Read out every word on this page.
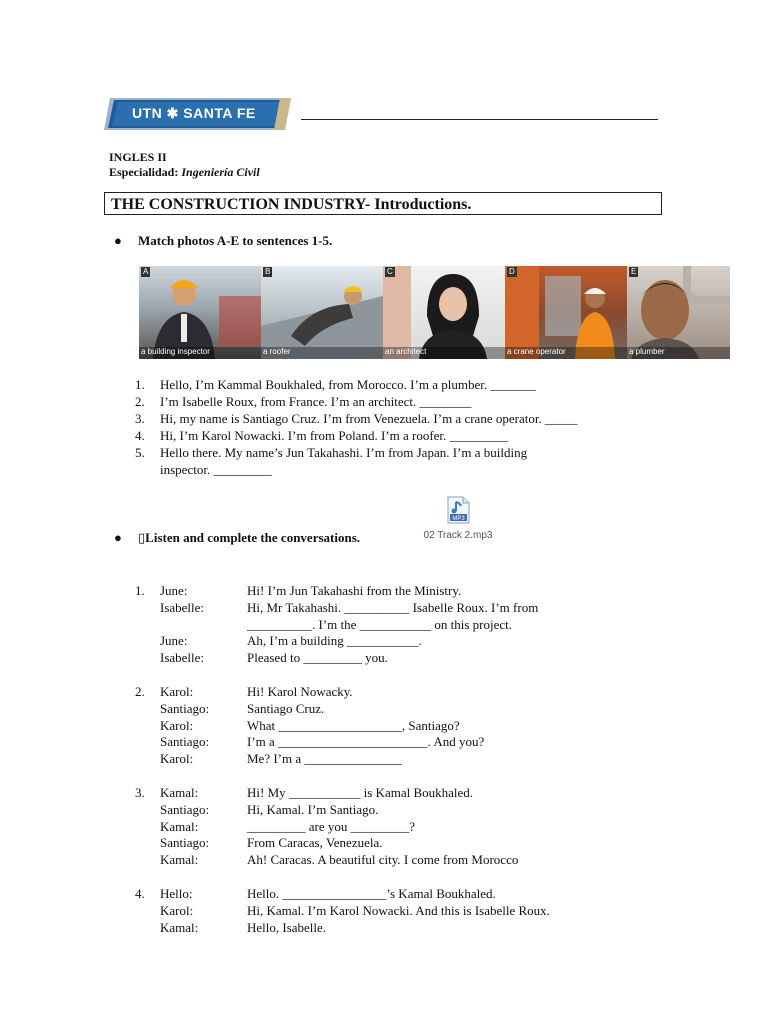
UTN ✱ SANTA FE
INGLES II
Especialidad: Ingeniería Civil
THE CONSTRUCTION INDUSTRY- Introductions.
● Match photos A-E to sentences 1-5.
A
a building inspector
B
a roofer
C
an architect
D
a crane operator
E
a plumber
1.	Hello, I’m Kammal Boukhaled, from Morocco. I’m a plumber. _______
2.	I’m Isabelle Roux, from France. I’m an architect. ________
3.	Hi, my name is Santiago Cruz. I’m from Venezuela. I’m a crane operator. _____
4.	Hi, I’m Karol Nowacki. I’m from Poland. I’m a roofer. _________
5.	Hello there. My name’s Jun Takahashi. I’m from Japan. I’m a building
inspector. _________
MP3
02 Track 2.mp3
● ▯Listen and complete the conversations.
1.	June:	Hi! I’m Jun Takahashi from the Ministry.
Isabelle:	Hi, Mr Takahashi. __________ Isabelle Roux. I’m from
__________. I’m the ___________ on this project.
June:	Ah, I’m a building ___________.
Isabelle:	Pleased to _________ you.
2.	Karol:	Hi! Karol Nowacky.
Santiago:	Santiago Cruz.
Karol:	What ___________________, Santiago?
Santiago:	I’m a _______________________. And you?
Karol:	Me? I’m a _______________
3.	Kamal:	Hi! My ___________ is Kamal Boukhaled.
Santiago:	Hi, Kamal. I’m Santiago.
Kamal:	_________ are you _________?
Santiago:	From Caracas, Venezuela.
Kamal:	Ah! Caracas. A beautiful city. I come from Morocco
4.	Hello:	Hello. ________________’s Kamal Boukhaled.
Karol:	Hi, Kamal. I’m Karol Nowacki. And this is Isabelle Roux.
Kamal:	Hello, Isabelle.
